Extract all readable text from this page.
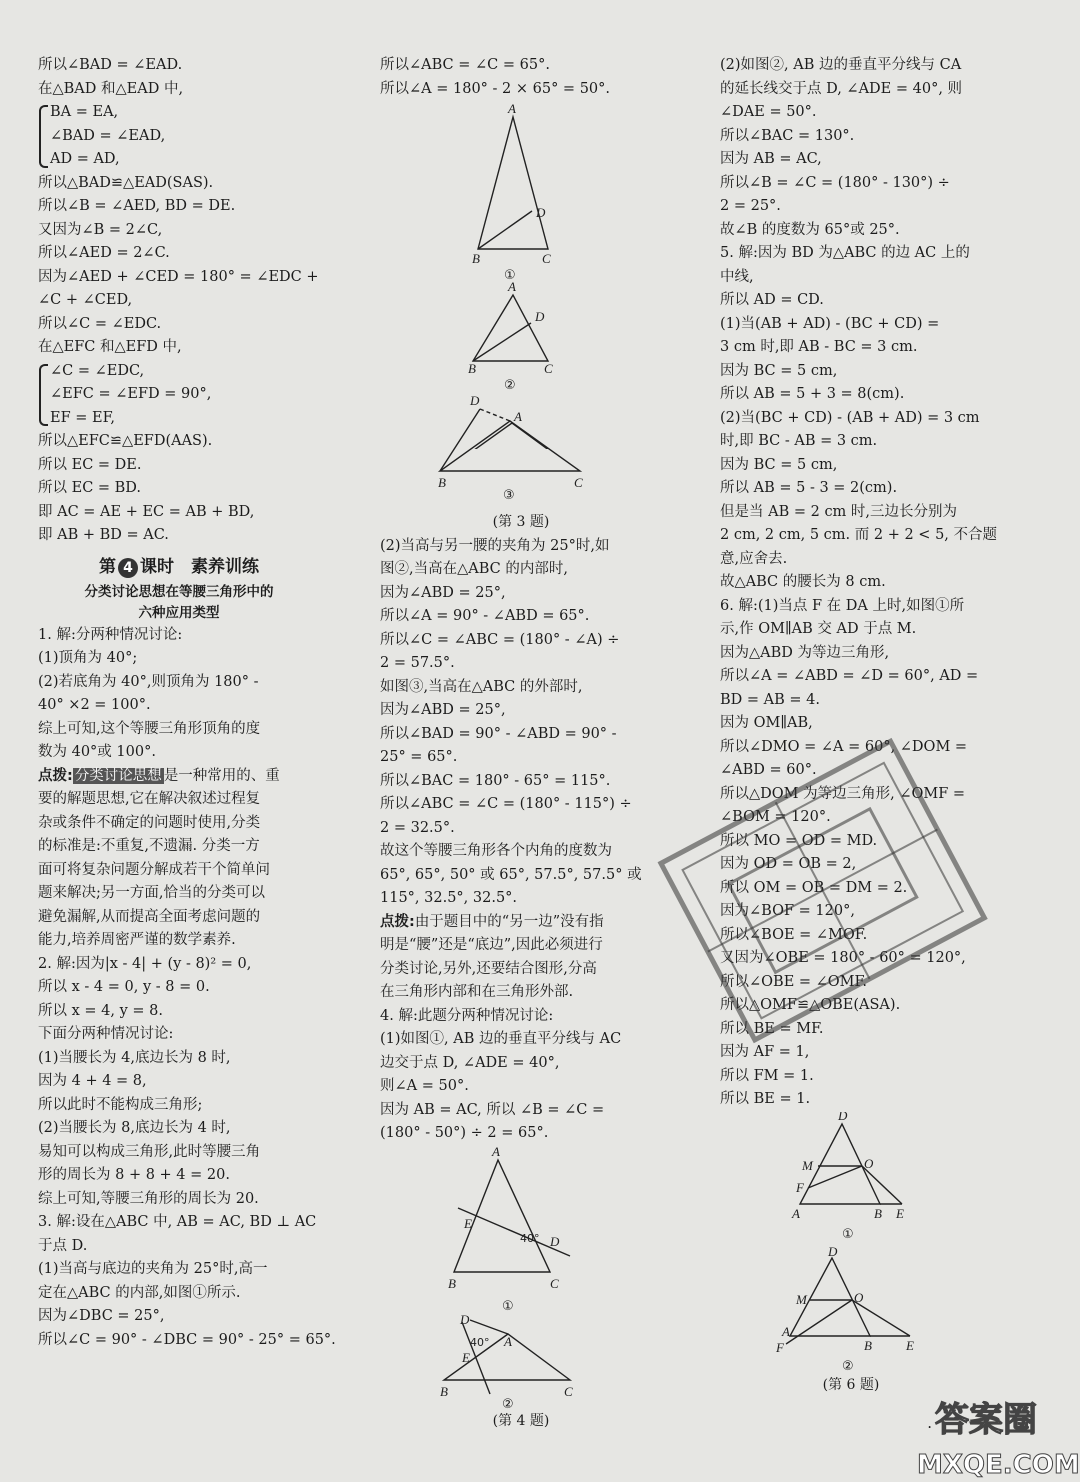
所以∠BAD = ∠EAD.
在△BAD 和△EAD 中,
BA = EA,
∠BAD = ∠EAD,
AD = AD,
所以△BAD≌△EAD(SAS).
所以∠B = ∠AED, BD = DE.
又因为∠B = 2∠C,
所以∠AED = 2∠C.
因为∠AED + ∠CED = 180° = ∠EDC +
∠C + ∠CED,
所以∠C = ∠EDC.
在△EFC 和△EFD 中,
∠C = ∠EDC,
∠EFC = ∠EFD = 90°,
EF = EF,
所以△EFC≌△EFD(AAS).
所以 EC = DE.
所以 EC = BD.
即 AC = AE + EC = AB + BD,
即 AB + BD = AC.
第 4 课时　素养训练
分类讨论思想在等腰三角形中的
六种应用类型
1. 解:分两种情况讨论:
(1)顶角为 40°;
(2)若底角为 40°,则顶角为 180° -
40° ×2 = 100°.
综上可知,这个等腰三角形顶角的度
数为 40°或 100°.
点拨: 分类讨论思想 是一种常用的、重
要的解题思想,它在解决叙述过程复
杂或条件不确定的问题时使用,分类
的标准是:不重复,不遗漏. 分类一方
面可将复杂问题分解成若干个简单问
题来解决;另一方面,恰当的分类可以
避免漏解,从而提高全面考虑问题的
能力,培养周密严谨的数学素养.
2. 解:因为|x - 4| + (y - 8)² = 0,
所以 x - 4 = 0, y - 8 = 0.
所以 x = 4, y = 8.
下面分两种情况讨论:
(1)当腰长为 4,底边长为 8 时,
因为 4 + 4 = 8,
所以此时不能构成三角形;
(2)当腰长为 8,底边长为 4 时,
易知可以构成三角形,此时等腰三角
形的周长为 8 + 8 + 4 = 20.
综上可知,等腰三角形的周长为 20.
3. 解:设在△ABC 中, AB = AC, BD ⊥ AC
于点 D.
(1)当高与底边的夹角为 25°时,高一
定在△ABC 的内部,如图①所示.
因为∠DBC = 25°,
所以∠C = 90° - ∠DBC = 90° - 25° = 65°.
所以∠ABC = ∠C = 65°.
所以∠A = 180° - 2 × 65° = 50°.
A
D
B	C
A
D
B	C
①
②
D
A
B	C
③
(第 3 题)
(2)当高与另一腰的夹角为 25°时,如
图②,当高在△ABC 的内部时,
因为∠ABD = 25°,
所以∠A = 90° - ∠ABD = 65°.
所以∠C = ∠ABC = (180° - ∠A) ÷
2 = 57.5°.
如图③,当高在△ABC 的外部时,
因为∠ABD = 25°,
所以∠BAD = 90° - ∠ABD = 90° -
25° = 65°.
所以∠BAC = 180° - 65° = 115°.
所以∠ABC = ∠C = (180° - 115°) ÷
2 = 32.5°.
故这个等腰三角形各个内角的度数为
65°, 65°, 50° 或 65°, 57.5°, 57.5° 或
115°, 32.5°, 32.5°.
点拨:由于题目中的“另一边”没有指
明是“腰”还是“底边”,因此必须进行
分类讨论,另外,还要结合图形,分高
在三角形内部和在三角形外部.
4. 解:此题分两种情况讨论:
(1)如图①, AB 边的垂直平分线与 AC
边交于点 D, ∠ADE = 40°,
则∠A = 50°.
因为 AB = AC, 所以 ∠B = ∠C =
(180° - 50°) ÷ 2 = 65°.
A
E
D
B	C
D
A
E
B	C
40°
40°
①
②
(第 4 题)
(2)如图②, AB 边的垂直平分线与 CA
的延长线交于点 D, ∠ADE = 40°, 则
∠DAE = 50°.
所以∠BAC = 130°.
因为 AB = AC,
所以∠B = ∠C = (180° - 130°) ÷
2 = 25°.
故∠B 的度数为 65°或 25°.
5. 解:因为 BD 为△ABC 的边 AC 上的
中线,
所以 AD = CD.
(1)当(AB + AD) - (BC + CD) =
3 cm 时,即 AB - BC = 3 cm.
因为 BC = 5 cm,
所以 AB = 5 + 3 = 8(cm).
(2)当(BC + CD) - (AB + AD) = 3 cm
时,即 BC - AB = 3 cm.
因为 BC = 5 cm,
所以 AB = 5 - 3 = 2(cm).
但是当 AB = 2 cm 时,三边长分别为
2 cm, 2 cm, 5 cm. 而 2 + 2 < 5, 不合题
意,应舍去.
故△ABC 的腰长为 8 cm.
6. 解:(1)当点 F 在 DA 上时,如图①所
示,作 OM∥AB 交 AD 于点 M.
因为△ABD 为等边三角形,
所以∠A = ∠ABD = ∠D = 60°, AD =
BD = AB = 4.
因为 OM∥AB,
所以∠DMO = ∠A = 60°, ∠DOM =
∠ABD = 60°.
所以△DOM 为等边三角形, ∠OMF =
∠BOM = 120°.
所以 MO = OD = MD.
因为 OD = OB = 2,
所以 OM = OB = DM = 2.
因为∠BOF = 120°,
所以∠BOE = ∠MOF.
又因为∠OBE = 180° - 60° = 120°,
所以∠OBE = ∠OMF.
所以△OMF≌△OBE(ASA).
所以 BE = MF.
因为 AF = 1,
所以 FM = 1.
所以 BE = 1.
D
M	O
F
A	B E
D
M	O
A
F	B	E
①
②
(第 6 题)
· 答案圈
MXQE.COM
